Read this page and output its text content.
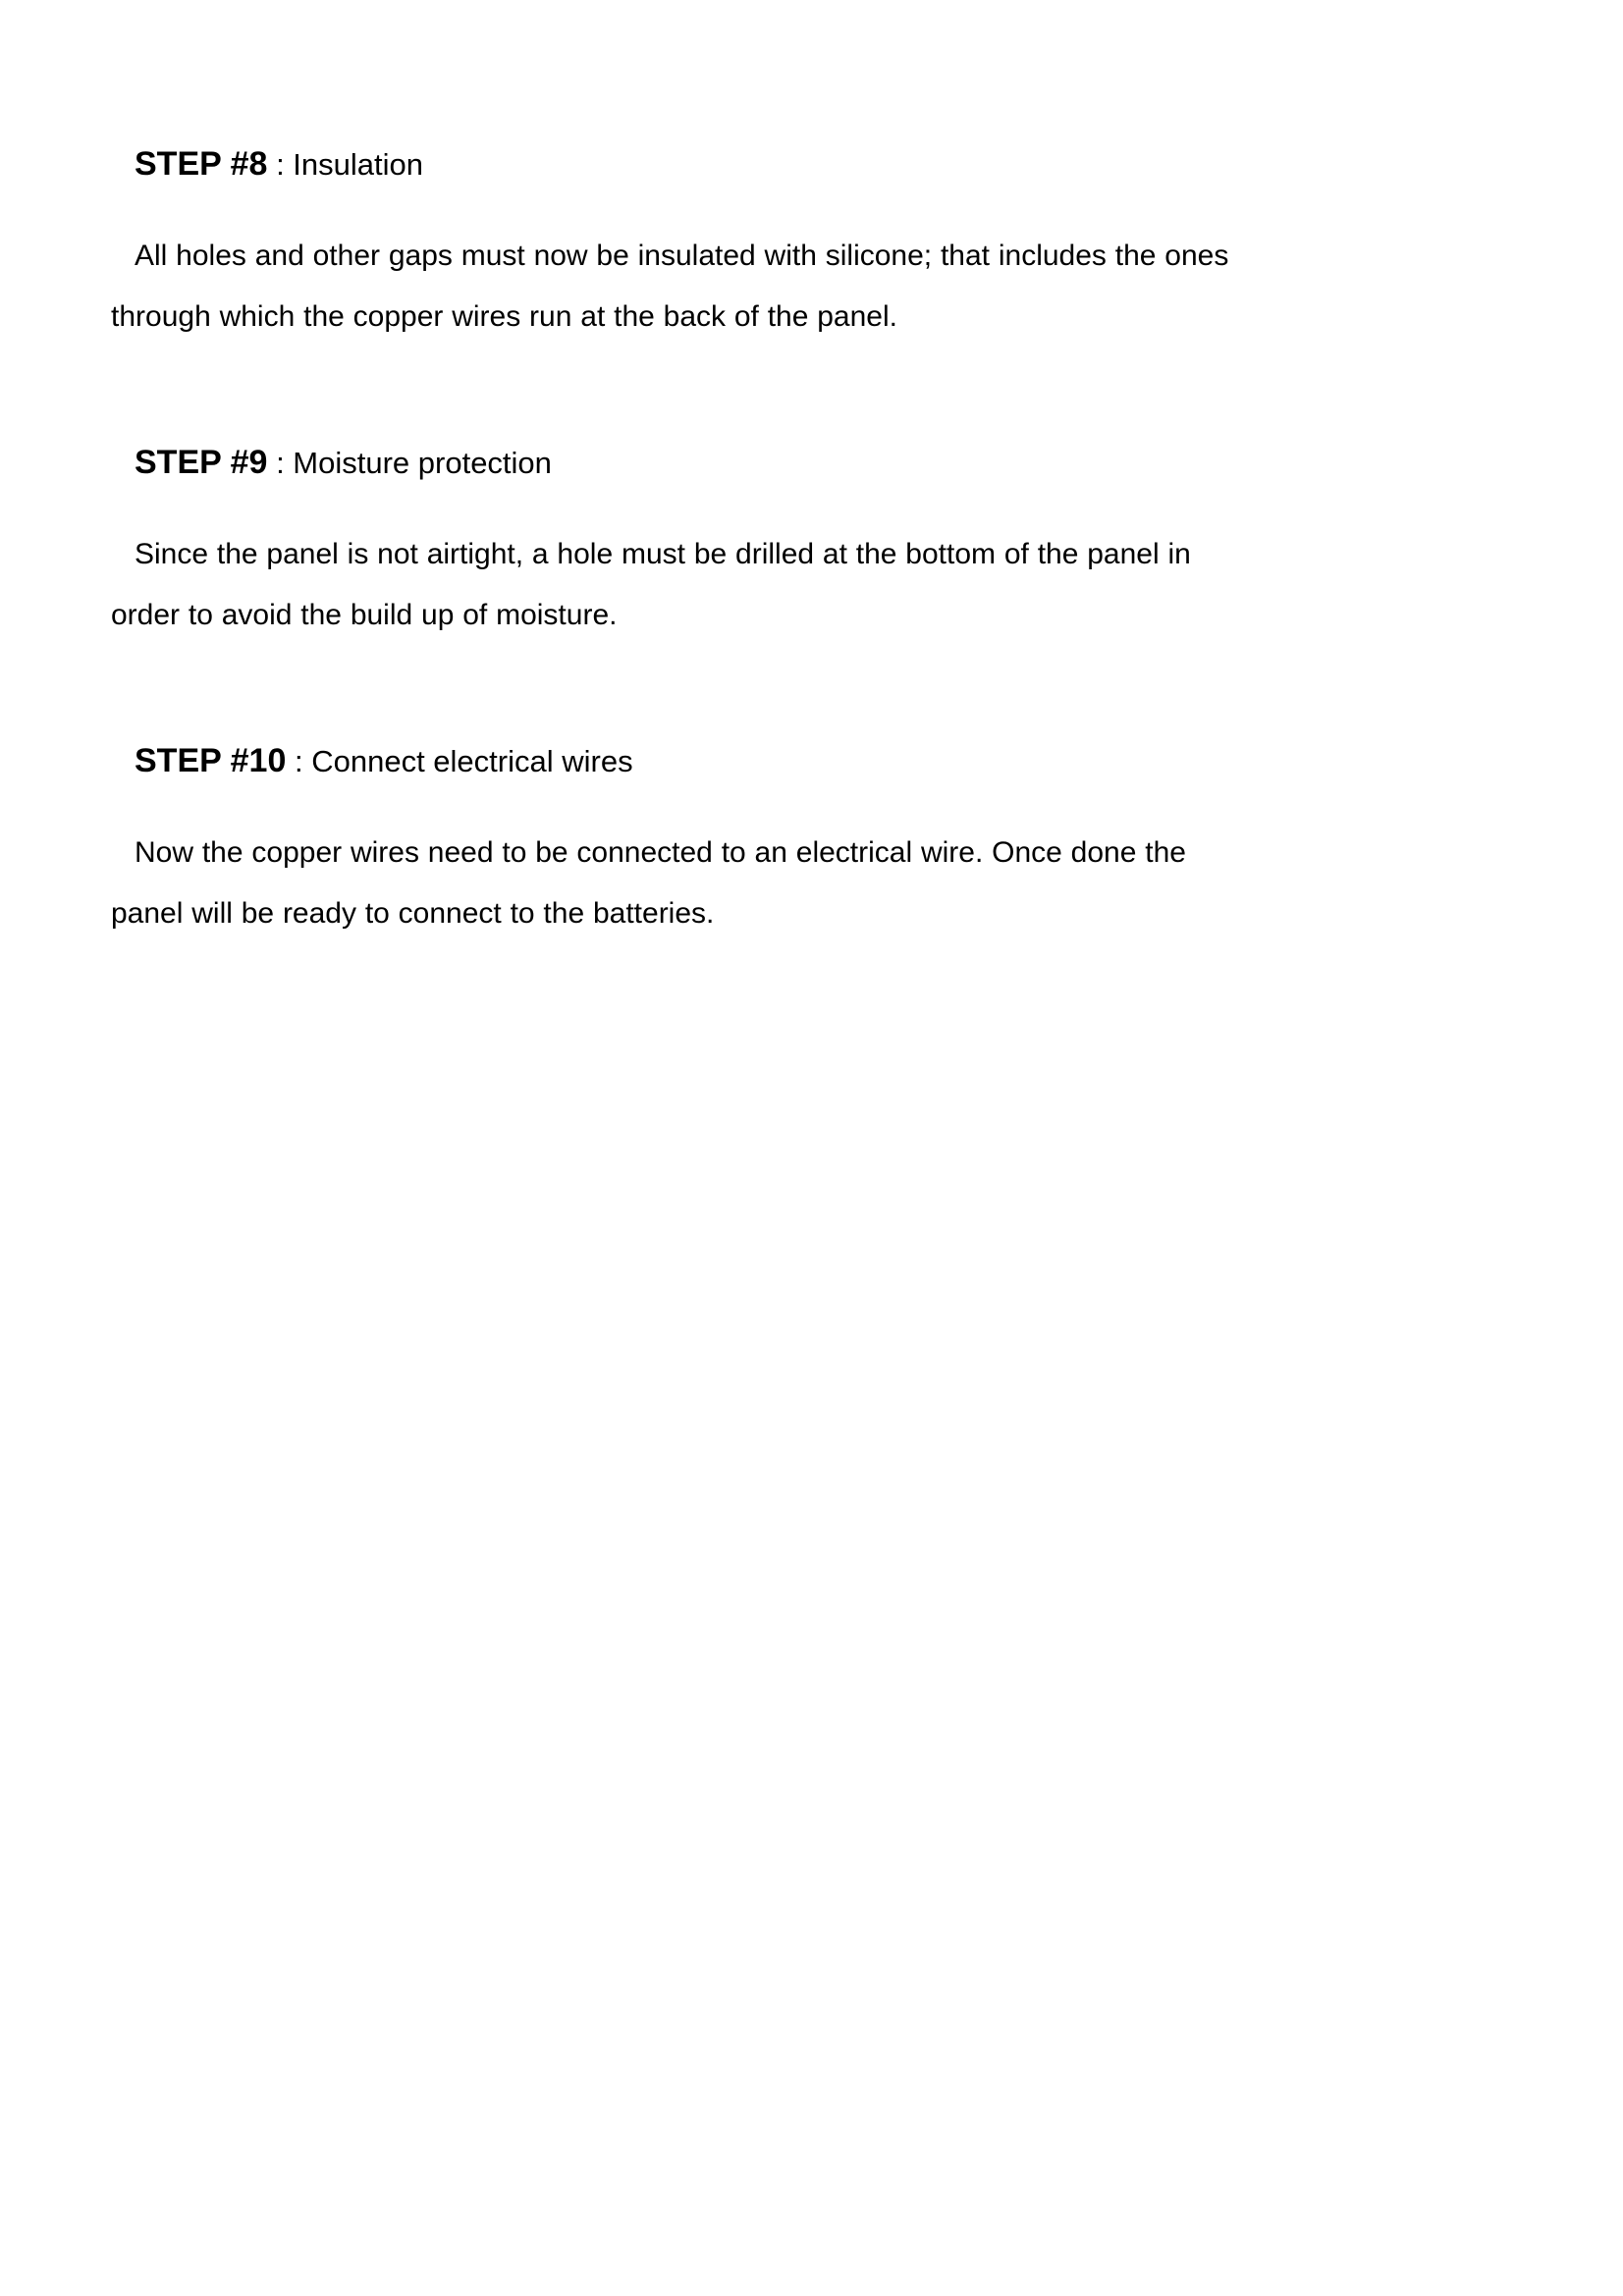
STEP #8 : Insulation

All holes and other gaps must now be insulated with silicone; that includes the ones through which the copper wires run at the back of the panel.

STEP #9 : Moisture protection

Since the panel is not airtight, a hole must be drilled at the bottom of the panel in order to avoid the build up of moisture.

STEP #10 : Connect electrical wires

Now the copper wires need to be connected to an electrical wire. Once done the panel will be ready to connect to the batteries.
